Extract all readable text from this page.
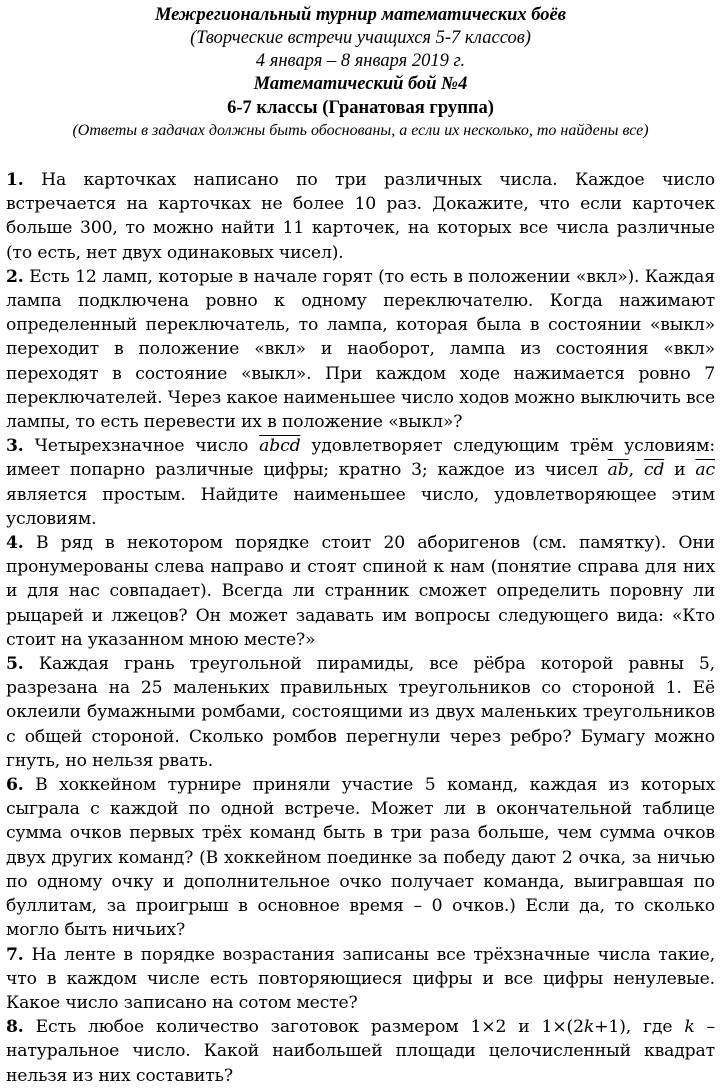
Межрегиональный турнир математических боёв
(Творческие встречи учащихся 5-7 классов)
4 января – 8 января 2019 г.
Математический бой №4
6-7 классы (Гранатовая группа)
(Ответы в задачах должны быть обоснованы, а если их несколько, то найдены все)
1. На карточках написано по три различных числа. Каждое число встречается на карточках не более 10 раз. Докажите, что если карточек больше 300, то можно найти 11 карточек, на которых все числа различные (то есть, нет двух одинаковых чисел).
2. Есть 12 ламп, которые в начале горят (то есть в положении «вкл»). Каждая лампа подключена ровно к одному переключателю. Когда нажимают определенный переключатель, то лампа, которая была в состоянии «выкл» переходит в положение «вкл» и наоборот, лампа из состояния «вкл» переходят в состояние «выкл». При каждом ходе нажимается ровно 7 переключателей. Через какое наименьшее число ходов можно выключить все лампы, то есть перевести их в положение «выкл»?
3. Четырехзначное число abcd удовлетворяет следующим трём условиям: имеет попарно различные цифры; кратно 3; каждое из чисел $\overline{ab}$, $\overline{cd}$ и $\overline{ac}$ является простым. Найдите наименьшее число, удовлетворяющее этим условиям.
4. В ряд в некотором порядке стоит 20 аборигенов (см. памятку). Они пронумерованы слева направо и стоят спиной к нам (понятие справа для них и для нас совпадает). Всегда ли странник сможет определить поровну ли рыцарей и лжецов? Он может задавать им вопросы следующего вида: «Кто стоит на указанном мною месте?»
5. Каждая грань треугольной пирамиды, все рёбра которой равны 5, разрезана на 25 маленьких правильных треугольников со стороной 1. Её оклеили бумажными ромбами, состоящими из двух маленьких треугольников с общей стороной. Сколько ромбов перегнули через ребро? Бумагу можно гнуть, но нельзя рвать.
6. В хоккейном турнире приняли участие 5 команд, каждая из которых сыграла с каждой по одной встрече. Может ли в окончательной таблице сумма очков первых трёх команд быть в три раза больше, чем сумма очков двух других команд? (В хоккейном поединке за победу дают 2 очка, за ничью по одному очку и дополнительное очко получает команда, выигравшая по буллитам, за проигрыш в основное время – 0 очков.) Если да, то сколько могло быть ничьих?
7. На ленте в порядке возрастания записаны все трёхзначные числа такие, что в каждом числе есть повторяющиеся цифры и все цифры ненулевые. Какое число записано на сотом месте?
8. Есть любое количество заготовок размером 1×2 и 1×(2k+1), где k – натуральное число. Какой наибольшей площади целочисленный квадрат нельзя из них составить?
